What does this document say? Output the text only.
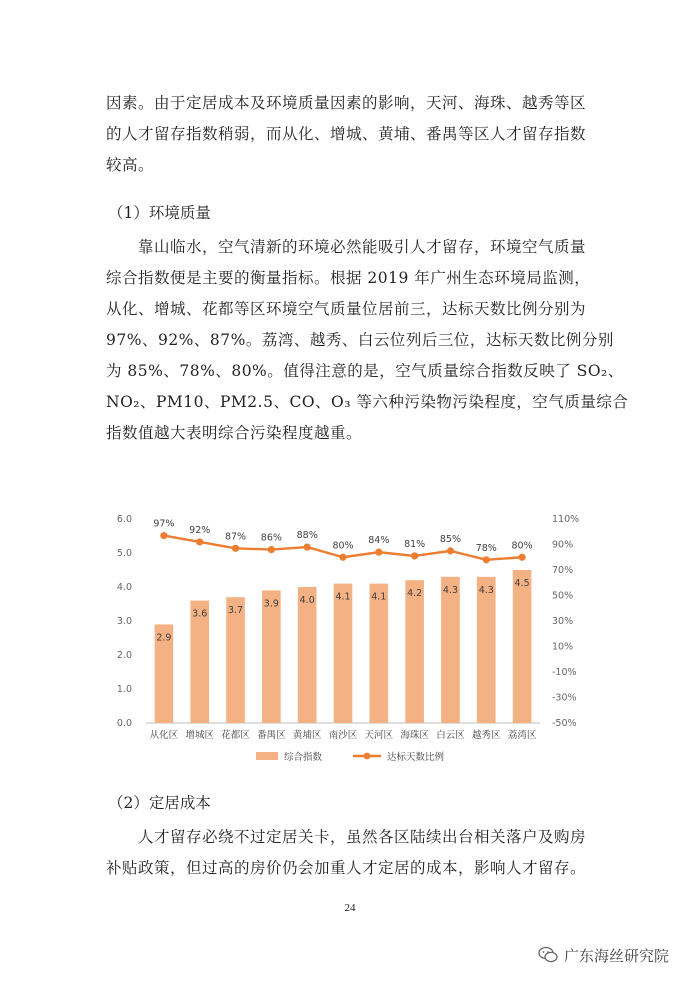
因素。由于定居成本及环境质量因素的影响，天河、海珠、越秀等区
的人才留存指数稍弱，而从化、增城、黄埔、番禺等区人才留存指数
较高。
（1）环境质量
　　靠山临水，空气清新的环境必然能吸引人才留存，环境空气质量
综合指数便是主要的衡量指标。根据 2019 年广州生态环境局监测，
从化、增城、花都等区环境空气质量位居前三，达标天数比例分别为
97%、92%、87%。荔湾、越秀、白云位列后三位，达标天数比例分别
为 85%、78%、80%。值得注意的是，空气质量综合指数反映了 SO₂、
NO₂、PM10、PM2.5、CO、O₃ 等六种污染物污染程度，空气质量综合
指数值越大表明综合污染程度越重。
0.0
1.0
2.0
3.0
4.0
5.0
6.0
-50%
-30%
-10%
10%
30%
50%
70%
90%
110%
2.9
从化区
3.6
增城区
3.7
花都区
3.9
番禺区
4.0
黄埔区
4.1
南沙区
4.1
天河区
4.2
海珠区
4.3
白云区
4.3
越秀区
4.5
荔湾区
97%
92%
87% 86% 88%
80% 84% 81% 85%
78% 80%
综合指数	达标天数比例
（2）定居成本
　　人才留存必绕不过定居关卡，虽然各区陆续出台相关落户及购房
补贴政策，但过高的房价仍会加重人才定居的成本，影响人才留存。
24
广东海丝研究院
